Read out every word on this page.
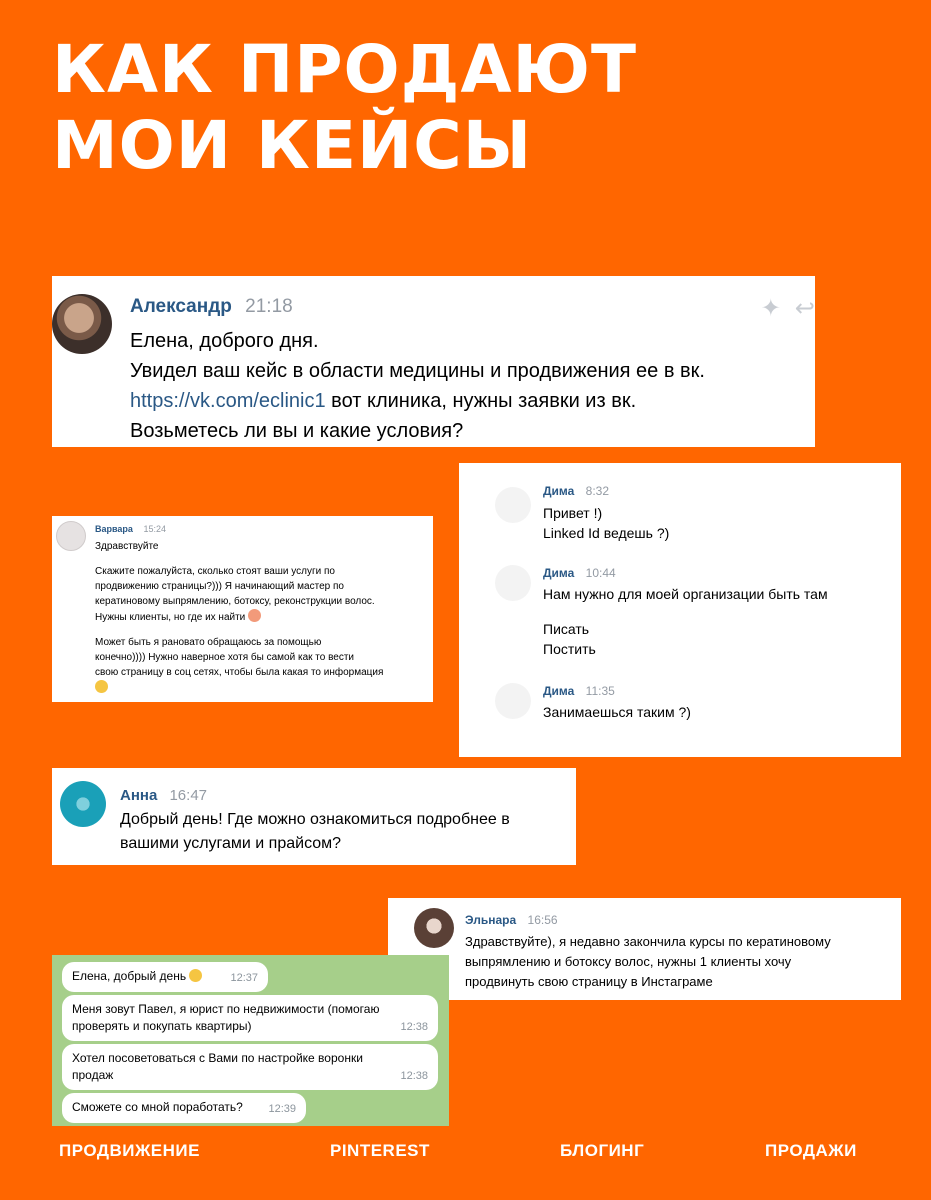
КАК ПРОДАЮТ
МОИ КЕЙСЫ
Александр 21:18
Елена, доброго дня.
Увидел ваш кейс в области медицины и продвижения ее в вк.
https://vk.com/eclinic1 вот клиника, нужны заявки из вк.
Возьметесь ли вы и какие условия?
✦ ↩
Варвара 15:24
Здравствуйте
Скажите пожалуйста, сколько стоят ваши услуги по
продвижению страницы?))) Я начинающий мастер по
кератиновому выпрямлению, ботоксу, реконструкции волос.
Нужны клиенты, но где их найти
Может быть я рановато обращаюсь за помощью
конечно)))) Нужно наверное хотя бы самой как то вести
свою страницу в соц сетях, чтобы была какая то информация
Дима 8:32
Привет !)
Linked Id ведешь ?)
Дима 10:44
Нам нужно для моей организации быть там
Писать
Постить
Дима 11:35
Занимаешься таким ?)
Анна 16:47
Добрый день! Где можно ознакомиться подробнее в
вашими услугами и прайсом?
Эльнара 16:56
Здравствуйте), я недавно закончила курсы по кератиновому
выпрямлению и ботоксу волос, нужны 1 клиенты хочу
продвинуть свою страницу в Инстаграме
Елена, добрый день	12:37
Меня зовут Павел, я юрист по недвижимости (помогаю
проверять и покупать квартиры)	12:38
Хотел посоветоваться с Вами по настройке воронки
продаж	12:38
Сможете со мной поработать? 12:39
ПРОДВИЖЕНИЕ	PINTEREST	БЛОГИНГ	ПРОДАЖИ
